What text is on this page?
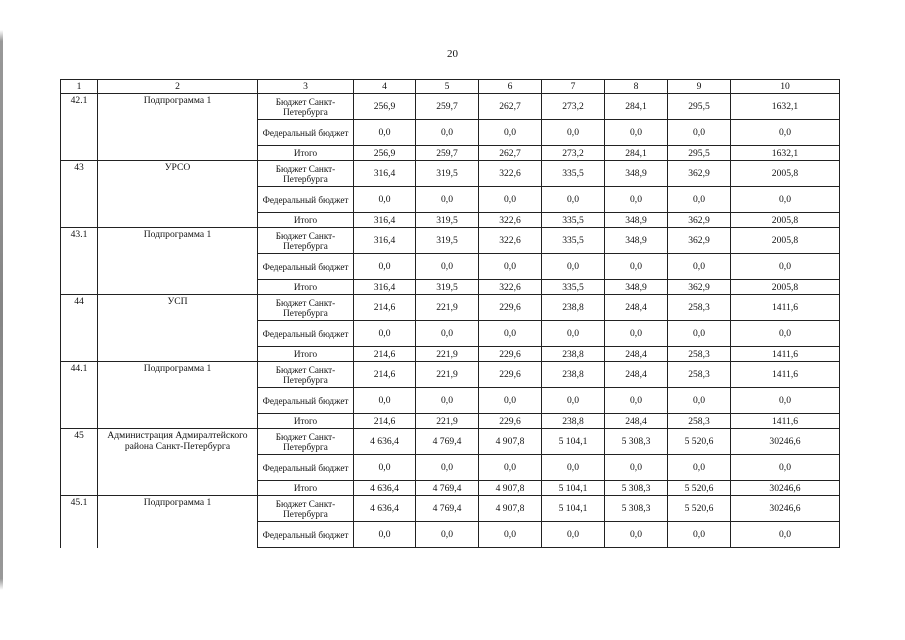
20
1	2	3	4	5	6	7	8	9	10
42.1	Подпрограмма 1	Бюджет Санкт-Петербурга	256,9	259,7	262,7	273,2	284,1	295,5	1632,1
		Федеральный бюджет	0,0	0,0	0,0	0,0	0,0	0,0	0,0
		Итого	256,9	259,7	262,7	273,2	284,1	295,5	1632,1
43	УРСО	Бюджет Санкт-Петербурга	316,4	319,5	322,6	335,5	348,9	362,9	2005,8
		Федеральный бюджет	0,0	0,0	0,0	0,0	0,0	0,0	0,0
		Итого	316,4	319,5	322,6	335,5	348,9	362,9	2005,8
43.1	Подпрограмма 1	Бюджет Санкт-Петербурга	316,4	319,5	322,6	335,5	348,9	362,9	2005,8
		Федеральный бюджет	0,0	0,0	0,0	0,0	0,0	0,0	0,0
		Итого	316,4	319,5	322,6	335,5	348,9	362,9	2005,8
44	УСП	Бюджет Санкт-Петербурга	214,6	221,9	229,6	238,8	248,4	258,3	1411,6
		Федеральный бюджет	0,0	0,0	0,0	0,0	0,0	0,0	0,0
		Итого	214,6	221,9	229,6	238,8	248,4	258,3	1411,6
44.1	Подпрограмма 1	Бюджет Санкт-Петербурга	214,6	221,9	229,6	238,8	248,4	258,3	1411,6
		Федеральный бюджет	0,0	0,0	0,0	0,0	0,0	0,0	0,0
		Итого	214,6	221,9	229,6	238,8	248,4	258,3	1411,6
45	Администрация Адмиралтейского района Санкт-Петербурга	Бюджет Санкт-Петербурга	4 636,4	4 769,4	4 907,8	5 104,1	5 308,3	5 520,6	30246,6
		Федеральный бюджет	0,0	0,0	0,0	0,0	0,0	0,0	0,0
		Итого	4 636,4	4 769,4	4 907,8	5 104,1	5 308,3	5 520,6	30246,6
45.1	Подпрограмма 1	Бюджет Санкт-Петербурга	4 636,4	4 769,4	4 907,8	5 104,1	5 308,3	5 520,6	30246,6
		Федеральный бюджет	0,0	0,0	0,0	0,0	0,0	0,0	0,0
